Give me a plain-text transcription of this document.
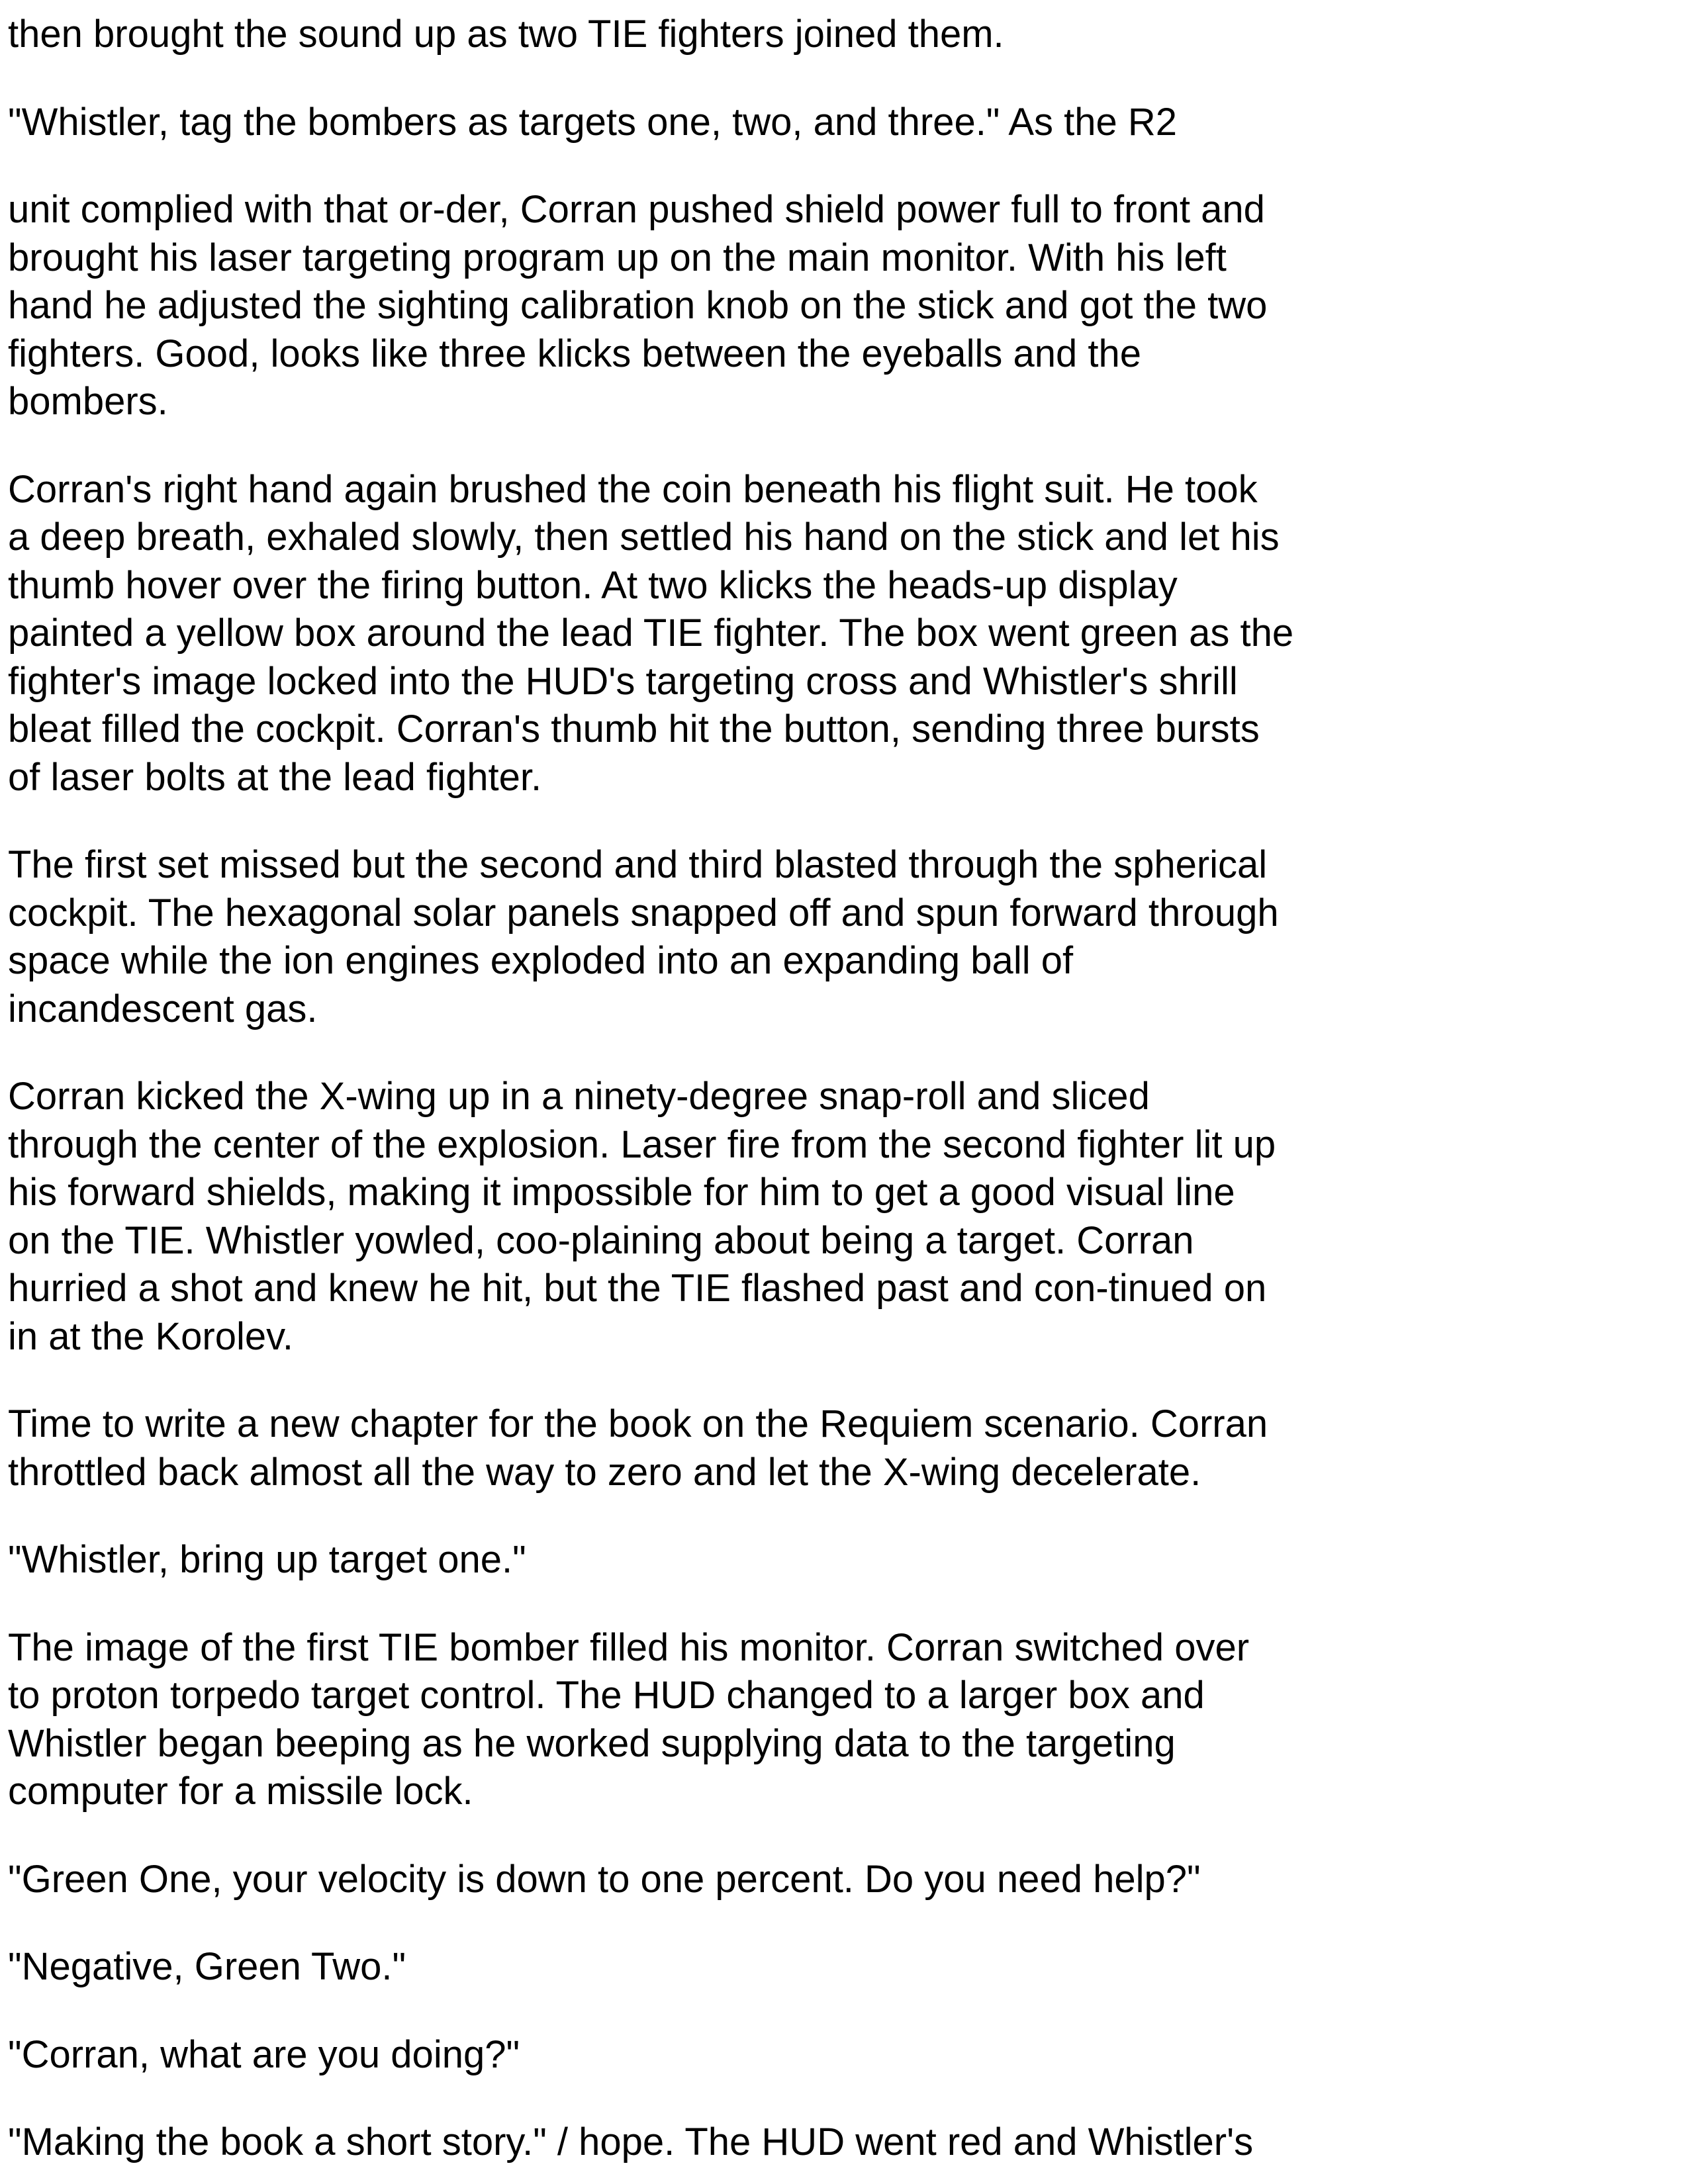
then brought the sound up as two TIE fighters joined them.

"Whistler, tag the bombers as targets one, two, and three." As the R2

unit complied with that or-der, Corran pushed shield power full to front and
brought his laser targeting program up on the main monitor. With his left
hand he adjusted the sighting calibration knob on the stick and got the two
fighters. Good, looks like three klicks between the eyeballs and the
bombers.

Corran's right hand again brushed the coin beneath his flight suit. He took
a deep breath, exhaled slowly, then settled his hand on the stick and let his
thumb hover over the firing button. At two klicks the heads-up display
painted a yellow box around the lead TIE fighter. The box went green as the
fighter's image locked into the HUD's targeting cross and Whistler's shrill
bleat filled the cockpit. Corran's thumb hit the button, sending three bursts
of laser bolts at the lead fighter.

The first set missed but the second and third blasted through the spherical
cockpit. The hexagonal solar panels snapped off and spun forward through
space while the ion engines exploded into an expanding ball of
incandescent gas.

Corran kicked the X-wing up in a ninety-degree snap-roll and sliced
through the center of the explosion. Laser fire from the second fighter lit up
his forward shields, making it impossible for him to get a good visual line
on the TIE. Whistler yowled, coo-plaining about being a target. Corran
hurried a shot and knew he hit, but the TIE flashed past and con-tinued on
in at the Korolev.

Time to write a new chapter for the book on the Requiem scenario. Corran
throttled back almost all the way to zero and let the X-wing decelerate.

"Whistler, bring up target one."

The image of the first TIE bomber filled his monitor. Corran switched over
to proton torpedo target control. The HUD changed to a larger box and
Whistler began beeping as he worked supplying data to the targeting
computer for a missile lock.

"Green One, your velocity is down to one percent. Do you need help?"

"Negative, Green Two."

"Corran, what are you doing?"

"Making the book a short story." / hope. The HUD went red and Whistler's
